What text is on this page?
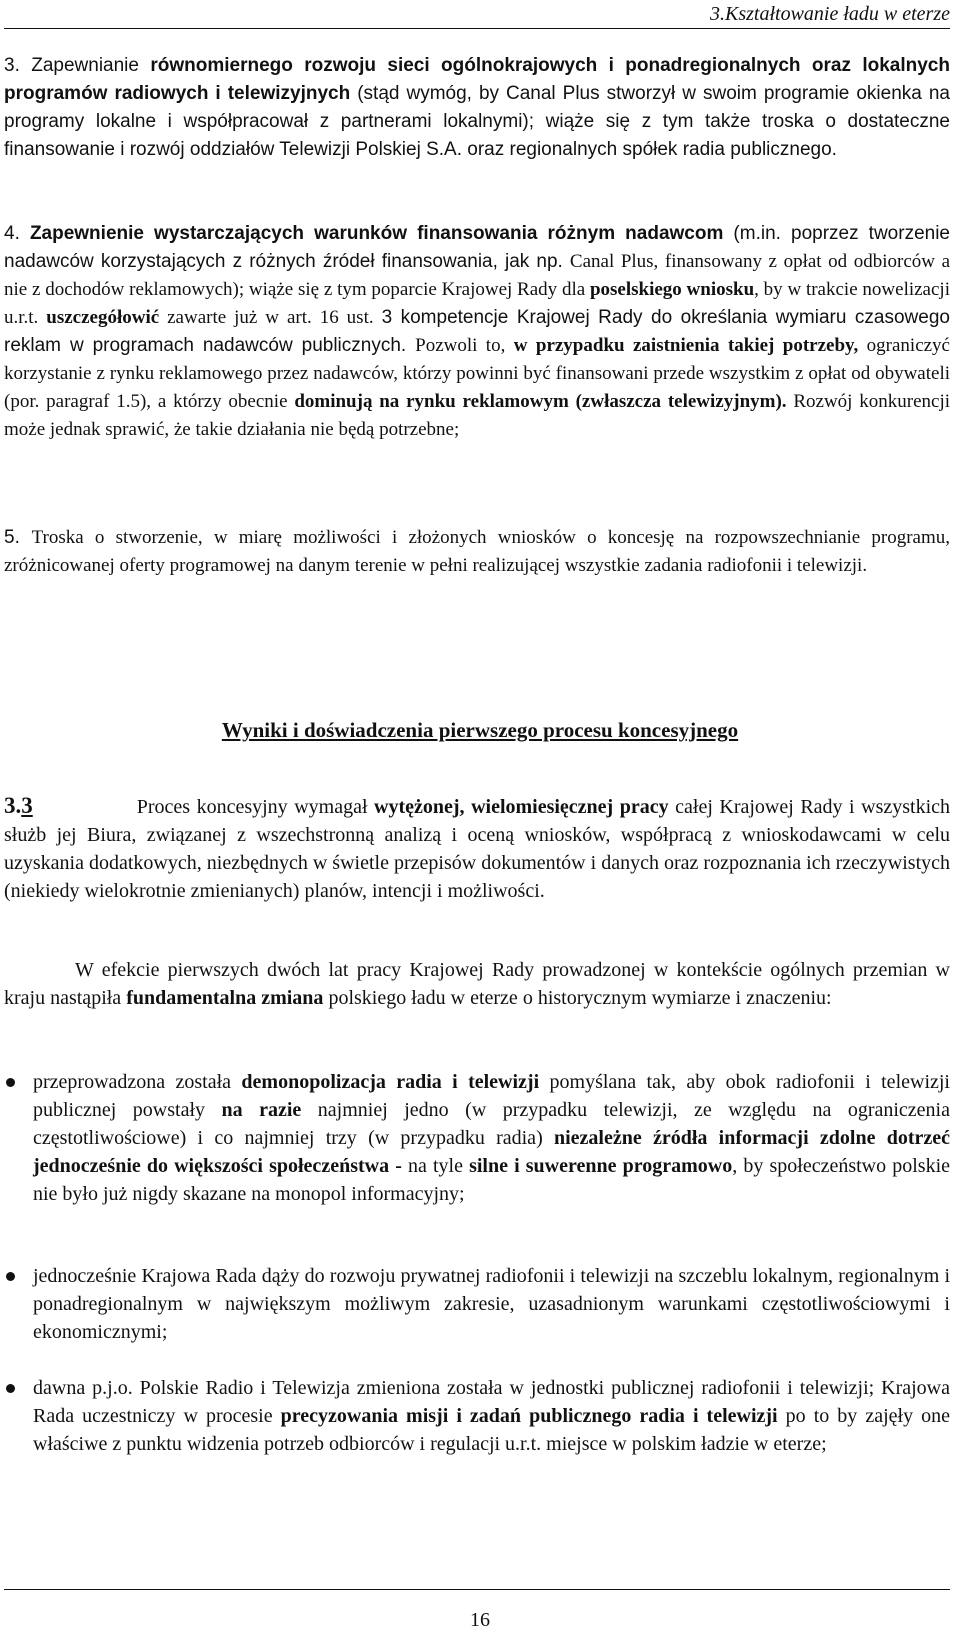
3.Kształtowanie ładu w eterze

3. Zapewnianie równomiernego rozwoju sieci ogólnokrajowych i ponadregionalnych oraz lokalnych programów radiowych i telewizyjnych (stąd wymóg, by Canal Plus stworzył w swoim programie okienka na programy lokalne i współpracował z partnerami lokalnymi); wiąże się z tym także troska o dostateczne finansowanie i rozwój oddziałów Telewizji Polskiej S.A. oraz regionalnych spółek radia publicznego.

4. Zapewnienie wystarczających warunków finansowania różnym nadawcom (m.in. poprzez tworzenie nadawców korzystających z różnych źródeł finansowania, jak np. Canal Plus, finansowany z opłat od odbiorców a nie z dochodów reklamowych); wiąże się z tym poparcie Krajowej Rady dla poselskiego wniosku, by w trakcie nowelizacji u.r.t. uszczegółowić zawarte już w art. 16 ust. 3 kompetencje Krajowej Rady do określania wymiaru czasowego reklam w programach nadawców publicznych. Pozwoli to, w przypadku zaistnienia takiej potrzeby, ograniczyć korzystanie z rynku reklamowego przez nadawców, którzy powinni być finansowani przede wszystkim z opłat od obywateli (por. paragraf 1.5), a którzy obecnie dominują na rynku reklamowym (zwłaszcza telewizyjnym). Rozwój konkurencji może jednak sprawić, że takie działania nie będą potrzebne;

5. Troska o stworzenie, w miarę możliwości i złożonych wniosków o koncesję na rozpowszechnianie programu, zróżnicowanej oferty programowej na danym terenie w pełni realizującej wszystkie zadania radiofonii i telewizji.

Wyniki i doświadczenia pierwszego procesu koncesyjnego

3.3	Proces koncesyjny wymagał wytężonej, wielomiesięcznej pracy całej Krajowej Rady i wszystkich służb jej Biura, związanej z wszechstronną analizą i oceną wniosków, współpracą z wnioskodawcami w celu uzyskania dodatkowych, niezbędnych w świetle przepisów dokumentów i danych oraz rozpoznania ich rzeczywistych (niekiedy wielokrotnie zmienianych) planów, intencji i możliwości.

W efekcie pierwszych dwóch lat pracy Krajowej Rady prowadzonej w kontekście ogólnych przemian w kraju nastąpiła fundamentalna zmiana polskiego ładu w eterze o historycznym wymiarze i znaczeniu:

przeprowadzona została demonopolizacja radia i telewizji pomyślana tak, aby obok radiofonii i telewizji publicznej powstały na razie najmniej jedno (w przypadku telewizji, ze względu na ograniczenia częstotliwościowe) i co najmniej trzy (w przypadku radia) niezależne źródła informacji zdolne dotrzeć jednocześnie do większości społeczeństwa - na tyle silne i suwerenne programowo, by społeczeństwo polskie nie było już nigdy skazane na monopol informacyjny;

jednocześnie Krajowa Rada dąży do rozwoju prywatnej radiofonii i telewizji na szczeblu lokalnym, regionalnym i ponadregionalnym w największym możliwym zakresie, uzasadnionym warunkami częstotliwościowymi i ekonomicznymi;

dawna p.j.o. Polskie Radio i Telewizja zmieniona została w jednostki publicznej radiofonii i telewizji; Krajowa Rada uczestniczy w procesie precyzowania misji i zadań publicznego radia i telewizji po to by zajęły one właściwe z punktu widzenia potrzeb odbiorców i regulacji u.r.t. miejsce w polskim ładzie w eterze;

16
